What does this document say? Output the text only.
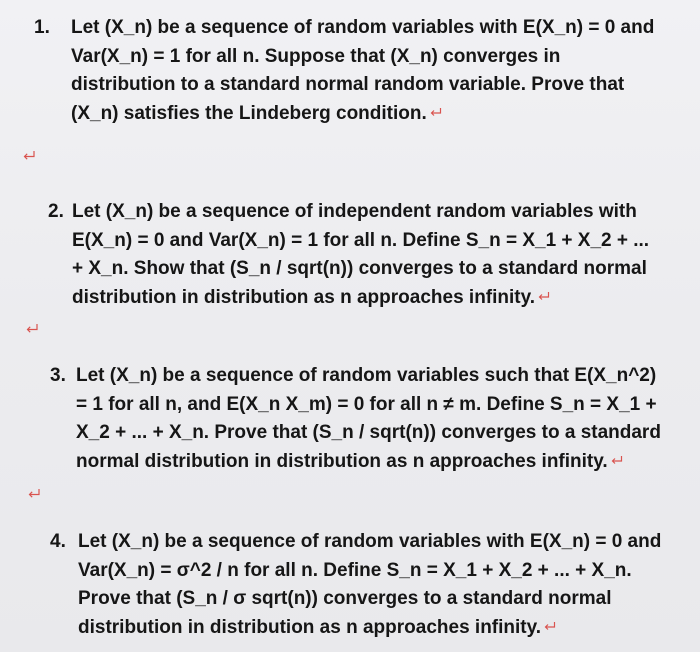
1. Let (X_n) be a sequence of random variables with E(X_n) = 0 and
Var(X_n) = 1 for all n. Suppose that (X_n) converges in
distribution to a standard normal random variable. Prove that
(X_n) satisfies the Lindeberg condition.
2. Let (X_n) be a sequence of independent random variables with
E(X_n) = 0 and Var(X_n) = 1 for all n. Define S_n = X_1 + X_2 + ...
+ X_n. Show that (S_n / sqrt(n)) converges to a standard normal
distribution in distribution as n approaches infinity.
3. Let (X_n) be a sequence of random variables such that E(X_n^2)
= 1 for all n, and E(X_n X_m) = 0 for all n ≠ m. Define S_n = X_1 +
X_2 + ... + X_n. Prove that (S_n / sqrt(n)) converges to a standard
normal distribution in distribution as n approaches infinity.
4. Let (X_n) be a sequence of random variables with E(X_n) = 0 and
Var(X_n) = σ^2 / n for all n. Define S_n = X_1 + X_2 + ... + X_n.
Prove that (S_n / σ sqrt(n)) converges to a standard normal
distribution in distribution as n approaches infinity.
